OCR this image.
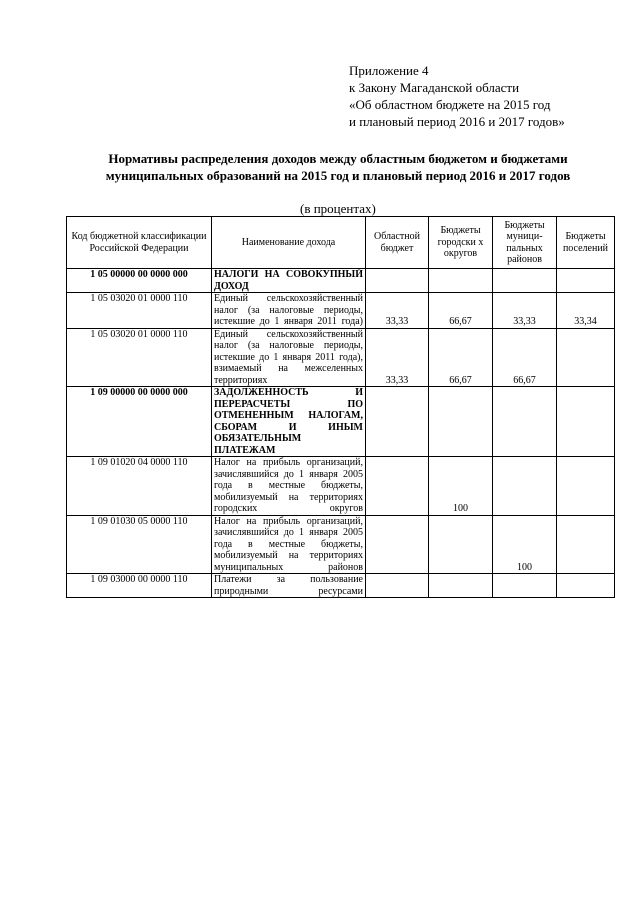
Приложение 4
к Закону Магаданской области
«Об областном бюджете на 2015 год
и плановый период 2016 и 2017 годов»
Нормативы распределения доходов между областным бюджетом и бюджетами
муниципальных образований на 2015 год и плановый период 2016 и 2017 годов
(в процентах)
Код бюджетной классификации Российской Федерации	Наименование дохода	Областной бюджет	Бюджеты городски х округов	Бюджеты муници-пальных районов	Бюджеты поселений
1 05 00000 00 0000 000	НАЛОГИ НА СОВОКУПНЫЙ ДОХОД				
1 05 03020 01 0000 110	Единый сельскохозяйственный налог (за налоговые периоды, истекшие до 1 января 2011 года)	33,33	66,67	33,33	33,34
1 05 03020 01 0000 110	Единый сельскохозяйственный налог (за налоговые периоды, истекшие до 1 января 2011 года), взимаемый на межселенных территориях	33,33	66,67	66,67	
1 09 00000 00 0000 000	ЗАДОЛЖЕННОСТЬ И ПЕРЕРАСЧЕТЫ ПО ОТМЕНЕННЫМ НАЛОГАМ, СБОРАМ И ИНЫМ ОБЯЗАТЕЛЬНЫМ ПЛАТЕЖАМ				
1 09 01020 04 0000 110	Налог на прибыль организаций, зачислявшийся до 1 января 2005 года в местные бюджеты, мобилизуемый на территориях городских округов		100		
1 09 01030 05 0000 110	Налог на прибыль организаций, зачислявшийся до 1 января 2005 года в местные бюджеты, мобилизуемый на территориях муниципальных районов			100	
1 09 03000 00 0000 110	Платежи за пользование природными ресурсами				
